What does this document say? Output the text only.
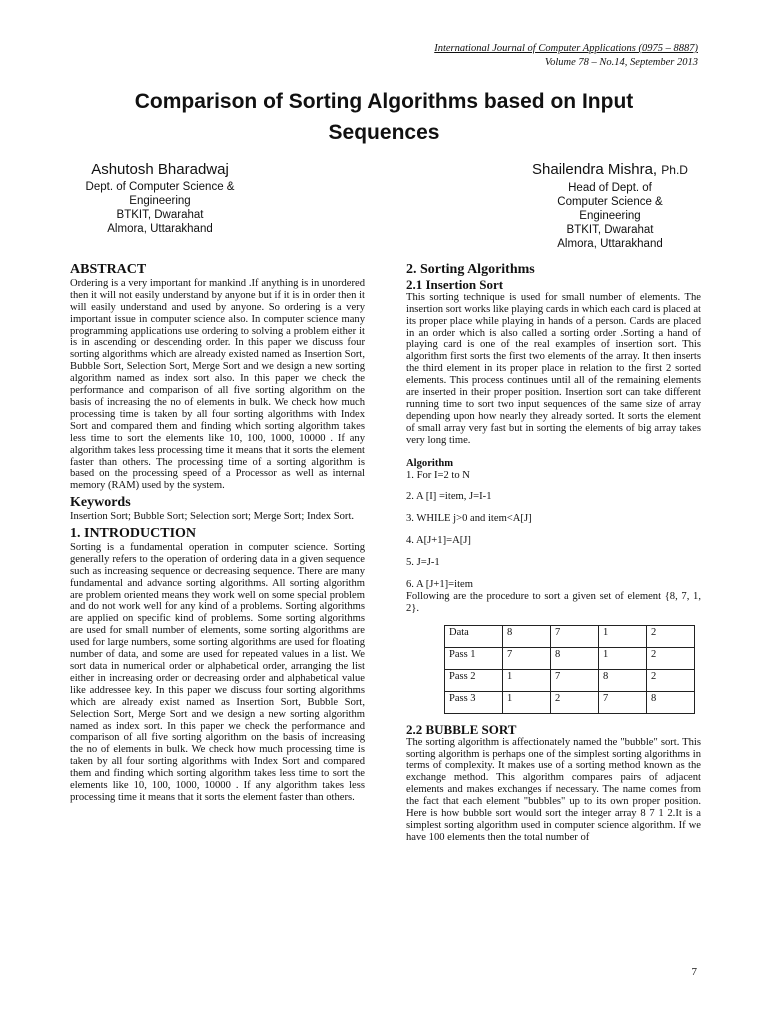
International Journal of Computer Applications (0975 – 8887)
Volume 78 – No.14, September 2013
Comparison of Sorting Algorithms based on Input
Sequences
Ashutosh Bharadwaj
Dept. of Computer Science &
Engineering
BTKIT, Dwarahat
Almora, Uttarakhand
Shailendra Mishra, Ph.D
Head of Dept. of
Computer Science &
Engineering
BTKIT, Dwarahat
Almora, Uttarakhand
ABSTRACT

Ordering is a very important for mankind .If anything is in unordered then it will not easily understand by anyone but if it is in order then it will easily understand and used by anyone. So ordering is a very important issue in computer science also. In computer science many programming applications use ordering to solving a problem either it is in ascending or descending order. In this paper we discuss four sorting algorithms which are already existed named as Insertion Sort, Bubble Sort, Selection Sort, Merge Sort and we design a new sorting algorithm named as index sort also. In this paper we check the performance and comparison of all five sorting algorithm on the basis of increasing the no of elements in bulk. We check how much processing time is taken by all four sorting algorithms with Index Sort and compared them and finding which sorting algorithm takes less time to sort the elements like 10, 100, 1000, 10000 . If any algorithm takes less processing time it means that it sorts the element faster than others. The processing time of a sorting algorithm is based on the processing speed of a Processor as well as internal memory (RAM) used by the system.

Keywords

Insertion Sort; Bubble Sort; Selection sort; Merge Sort; Index Sort.

1. INTRODUCTION

Sorting is a fundamental operation in computer science. Sorting generally refers to the operation of ordering data in a given sequence such as increasing sequence or decreasing sequence. There are many fundamental and advance sorting algorithms. All sorting algorithm are problem oriented means they work well on some special problem and do not work well for any kind of a problems. Sorting algorithms are applied on specific kind of problems. Some sorting algorithms are used for small number of elements, some sorting algorithms are used for large numbers, some sorting algorithms are used for floating number of data, and some are used for repeated values in a list. We sort data in numerical order or alphabetical order, arranging the list either in increasing order or decreasing order and alphabetical value like addressee key. In this paper we discuss four sorting algorithms which are already exist named as Insertion Sort, Bubble Sort, Selection Sort, Merge Sort and we design a new sorting algorithm named as index sort. In this paper we check the performance and comparison of all five sorting algorithm on the basis of increasing the no of elements in bulk. We check how much processing time is taken by all four sorting algorithms with Index Sort and compared them and finding which sorting algorithm takes less time to sort the elements like 10, 100, 1000, 10000 . If any algorithm takes less processing time it means that it sorts the element faster than others.

2. Sorting Algorithms
2.1 Insertion Sort

This sorting technique is used for small number of elements. The insertion sort works like playing cards in which each card is placed at its proper place while playing in hands of a person. Cards are placed in an order which is also called a sorting order .Sorting a hand of playing card is one of the real examples of insertion sort. This algorithm first sorts the first two elements of the array. It then inserts the third element in its proper place in relation to the first 2 sorted elements. This process continues until all of the remaining elements are inserted in their proper position. Insertion sort can take different running time to sort two input sequences of the same size of array depending upon how nearly they already sorted. It sorts the element of small array very fast but in sorting the elements of big array takes very long time.

Algorithm
1. For I=2 to N
2. A [I] =item, J=I-1
3. WHILE j>0 and item<A[J]
4. A[J+1]=A[J]
5. J=J-1
6. A [J+1]=item

Following are the procedure to sort a given set of element {8, 7, 1, 2}.

Data	8	7	1	2
Pass 1	7	8	1	2
Pass 2	1	7	8	2
Pass 3	1	2	7	8
2.2 BUBBLE SORT

The sorting algorithm is affectionately named the "bubble" sort. This sorting algorithm is perhaps one of the simplest sorting algorithms in terms of complexity. It makes use of a sorting method known as the exchange method. This algorithm compares pairs of adjacent elements and makes exchanges if necessary. The name comes from the fact that each element "bubbles" up to its own proper position. Here is how bubble sort would sort the integer array 8 7 1 2.It is a simplest sorting algorithm used in computer science algorithm. If we have 100 elements then the total number of

7
